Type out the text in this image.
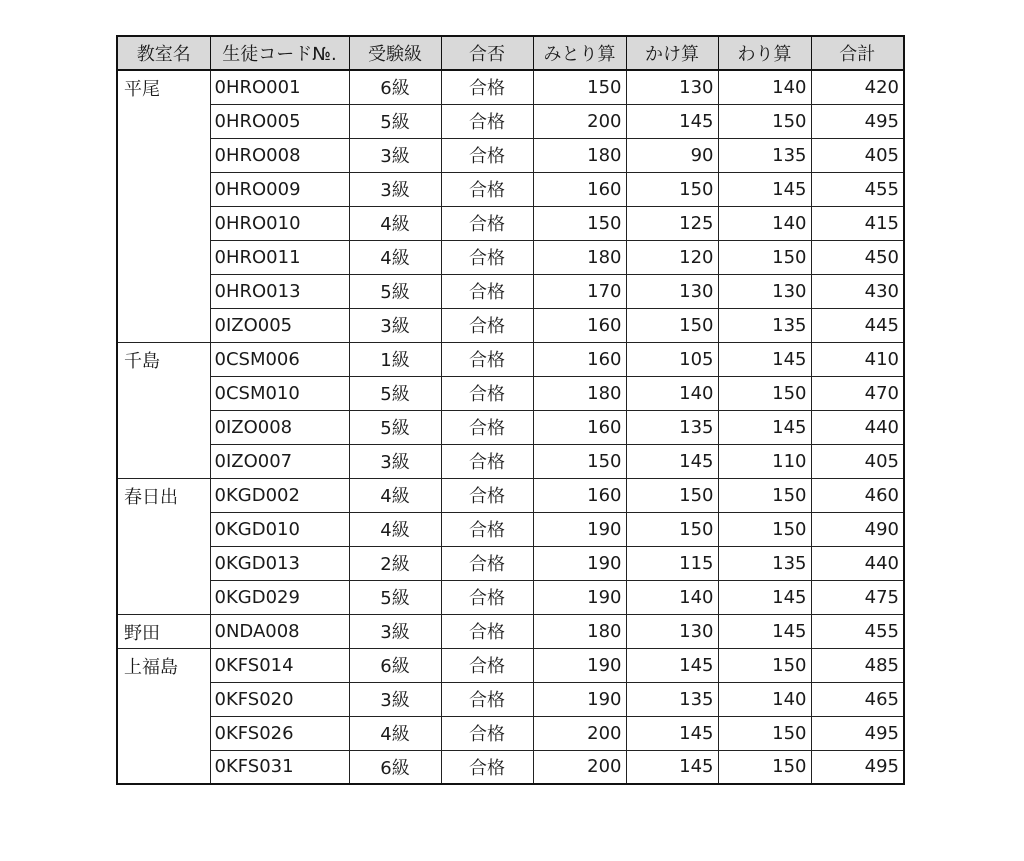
教室名	生徒コード№.	受験級	合否	みとり算	かけ算	わり算	合計
平尾	0HRO001	6級	合格	150	130	140	420
	0HRO005	5級	合格	200	145	150	495
	0HRO008	3級	合格	180	90	135	405
	0HRO009	3級	合格	160	150	145	455
	0HRO010	4級	合格	150	125	140	415
	0HRO011	4級	合格	180	120	150	450
	0HRO013	5級	合格	170	130	130	430
	0IZO005	3級	合格	160	150	135	445
千島	0CSM006	1級	合格	160	105	145	410
	0CSM010	5級	合格	180	140	150	470
	0IZO008	5級	合格	160	135	145	440
	0IZO007	3級	合格	150	145	110	405
春日出	0KGD002	4級	合格	160	150	150	460
	0KGD010	4級	合格	190	150	150	490
	0KGD013	2級	合格	190	115	135	440
	0KGD029	5級	合格	190	140	145	475
野田	0NDA008	3級	合格	180	130	145	455
上福島	0KFS014	6級	合格	190	145	150	485
	0KFS020	3級	合格	190	135	140	465
	0KFS026	4級	合格	200	145	150	495
	0KFS031	6級	合格	200	145	150	495
